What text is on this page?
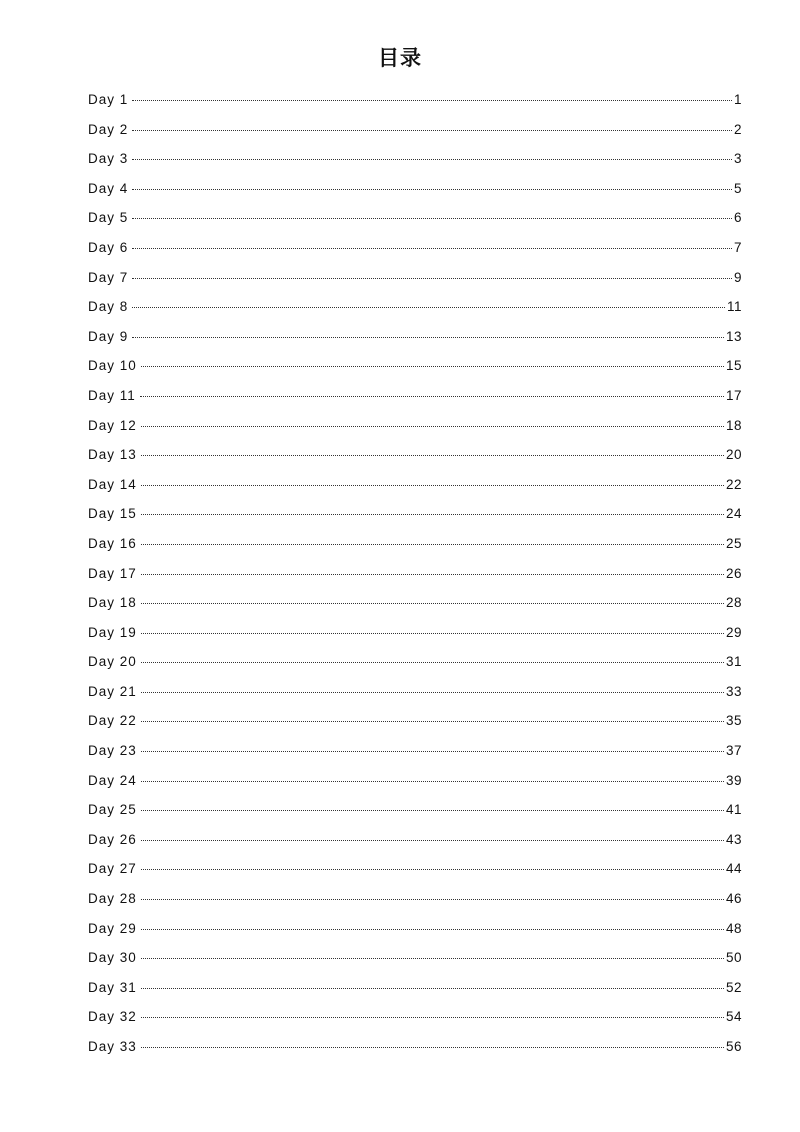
目录
Day 1	1
Day 2	2
Day 3	3
Day 4	5
Day 5	6
Day 6	7
Day 7	9
Day 8	11
Day 9	13
Day 10	15
Day 11	17
Day 12	18
Day 13	20
Day 14	22
Day 15	24
Day 16	25
Day 17	26
Day 18	28
Day 19	29
Day 20	31
Day 21	33
Day 22	35
Day 23	37
Day 24	39
Day 25	41
Day 26	43
Day 27	44
Day 28	46
Day 29	48
Day 30	50
Day 31	52
Day 32	54
Day 33	56
